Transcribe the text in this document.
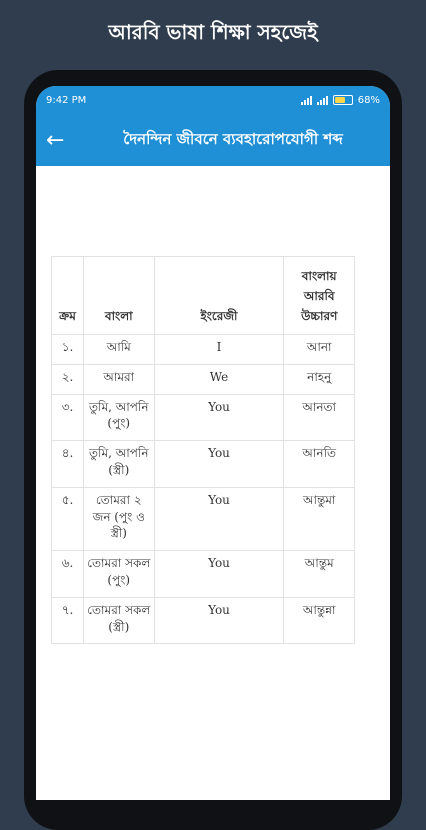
আরবি ভাষা শিক্ষা সহজেই
9:42 PM	68%
←	দৈনন্দিন জীবনে ব্যবহারোপযোগী শব্দ
ক্রম	বাংলা	ইংরেজী	বাংলায় আরবি উচ্চারণ
১.	আমি	I	আনা
২.	আমরা	We	নাহনু
৩.	তুমি, আপনি (পুং)	You	আনতা
৪.	তুমি, আপনি (স্ত্রী)	You	আনতি
৫.	তোমরা ২ জন (পুং ও স্ত্রী)	You	আন্তুমা
৬.	তোমরা সকল (পুং)	You	আন্তুম
৭.	তোমরা সকল (স্ত্রী)	You	আন্তুন্না
